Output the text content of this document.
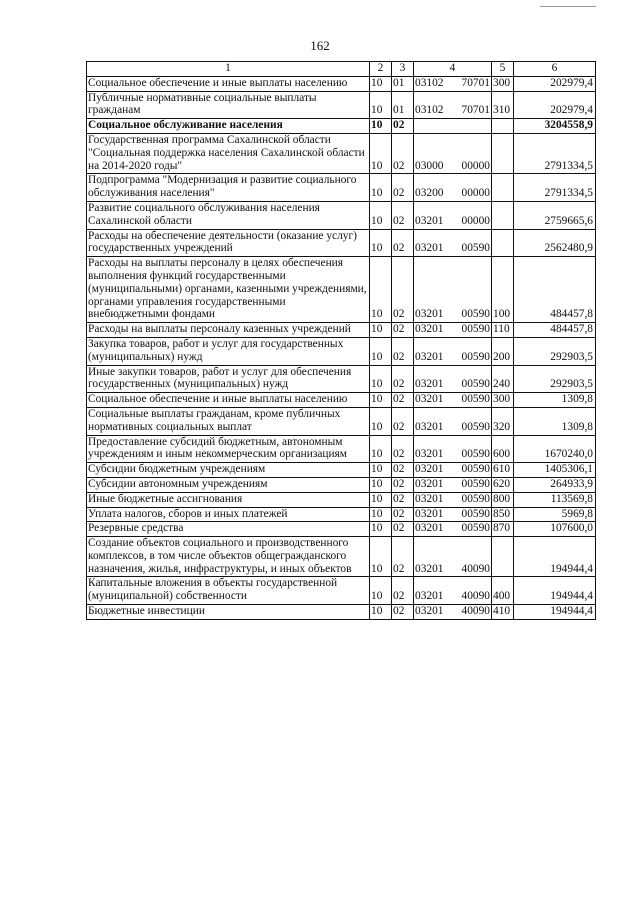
162
1	2	3	4	5	6
Социальное обеспечение и иные выплаты населению	10	01	03102 70701	300	202979,4
Публичные нормативные социальные выплаты гражданам	10	01	03102 70701	310	202979,4
Социальное обслуживание населения	10	02			3204558,9
Государственная программа Сахалинской области "Социальная поддержка населения Сахалинской области на 2014-2020 годы"	10	02	03000 00000		2791334,5
Подпрограмма "Модернизация и развитие социального обслуживания населения"	10	02	03200 00000		2791334,5
Развитие социального обслуживания населения Сахалинской области	10	02	03201 00000		2759665,6
Расходы на обеспечение деятельности (оказание услуг) государственных учреждений	10	02	03201 00590		2562480,9
Расходы на выплаты персоналу в целях обеспечения выполнения функций государственными (муниципальными) органами, казенными учреждениями, органами управления государственными внебюджетными фондами	10	02	03201 00590	100	484457,8
Расходы на выплаты персоналу казенных учреждений	10	02	03201 00590	110	484457,8
Закупка товаров, работ и услуг для государственных (муниципальных) нужд	10	02	03201 00590	200	292903,5
Иные закупки товаров, работ и услуг для обеспечения государственных (муниципальных) нужд	10	02	03201 00590	240	292903,5
Социальное обеспечение и иные выплаты населению	10	02	03201 00590	300	1309,8
Социальные выплаты гражданам, кроме публичных нормативных социальных выплат	10	02	03201 00590	320	1309,8
Предоставление субсидий бюджетным, автономным учреждениям и иным некоммерческим организациям	10	02	03201 00590	600	1670240,0
Субсидии бюджетным учреждениям	10	02	03201 00590	610	1405306,1
Субсидии автономным учреждениям	10	02	03201 00590	620	264933,9
Иные бюджетные ассигнования	10	02	03201 00590	800	113569,8
Уплата налогов, сборов и иных платежей	10	02	03201 00590	850	5969,8
Резервные средства	10	02	03201 00590	870	107600,0
Создание объектов социального и производственного комплексов, в том числе объектов общегражданского назначения, жилья, инфраструктуры, и иных объектов	10	02	03201 40090		194944,4
Капитальные вложения в объекты государственной (муниципальной) собственности	10	02	03201 40090	400	194944,4
Бюджетные инвестиции	10	02	03201 40090	410	194944,4
